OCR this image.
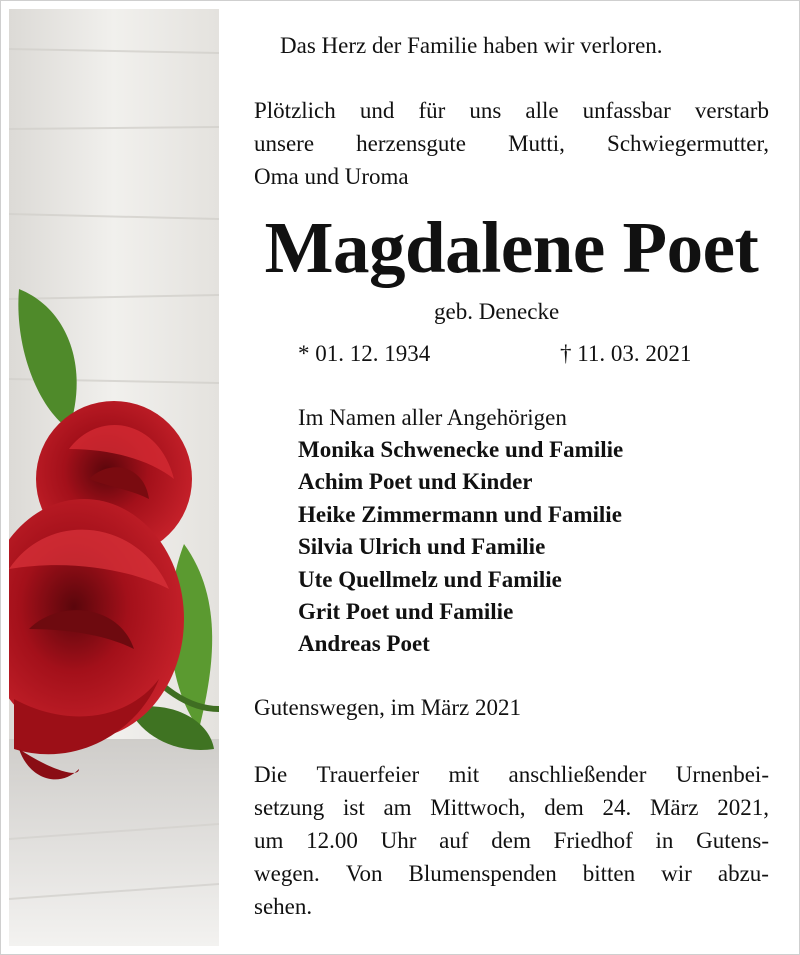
Das Herz der Familie haben wir verloren.
Plötzlich und für uns alle unfassbar verstarb
unsere herzensgute Mutti, Schwiegermutter,
Oma und Uroma
Magdalene Poet
geb. Denecke
* 01. 12. 1934	† 11. 03. 2021
Im Namen aller Angehörigen
Monika Schwenecke und Familie
Achim Poet und Kinder
Heike Zimmermann und Familie
Silvia Ulrich und Familie
Ute Quellmelz und Familie
Grit Poet und Familie
Andreas Poet
Gutenswegen, im März 2021
Die Trauerfeier mit anschließender Urnenbei-
setzung ist am Mittwoch, dem 24. März 2021,
um 12.00 Uhr auf dem Friedhof in Gutens-
wegen. Von Blumenspenden bitten wir abzu-
sehen.
